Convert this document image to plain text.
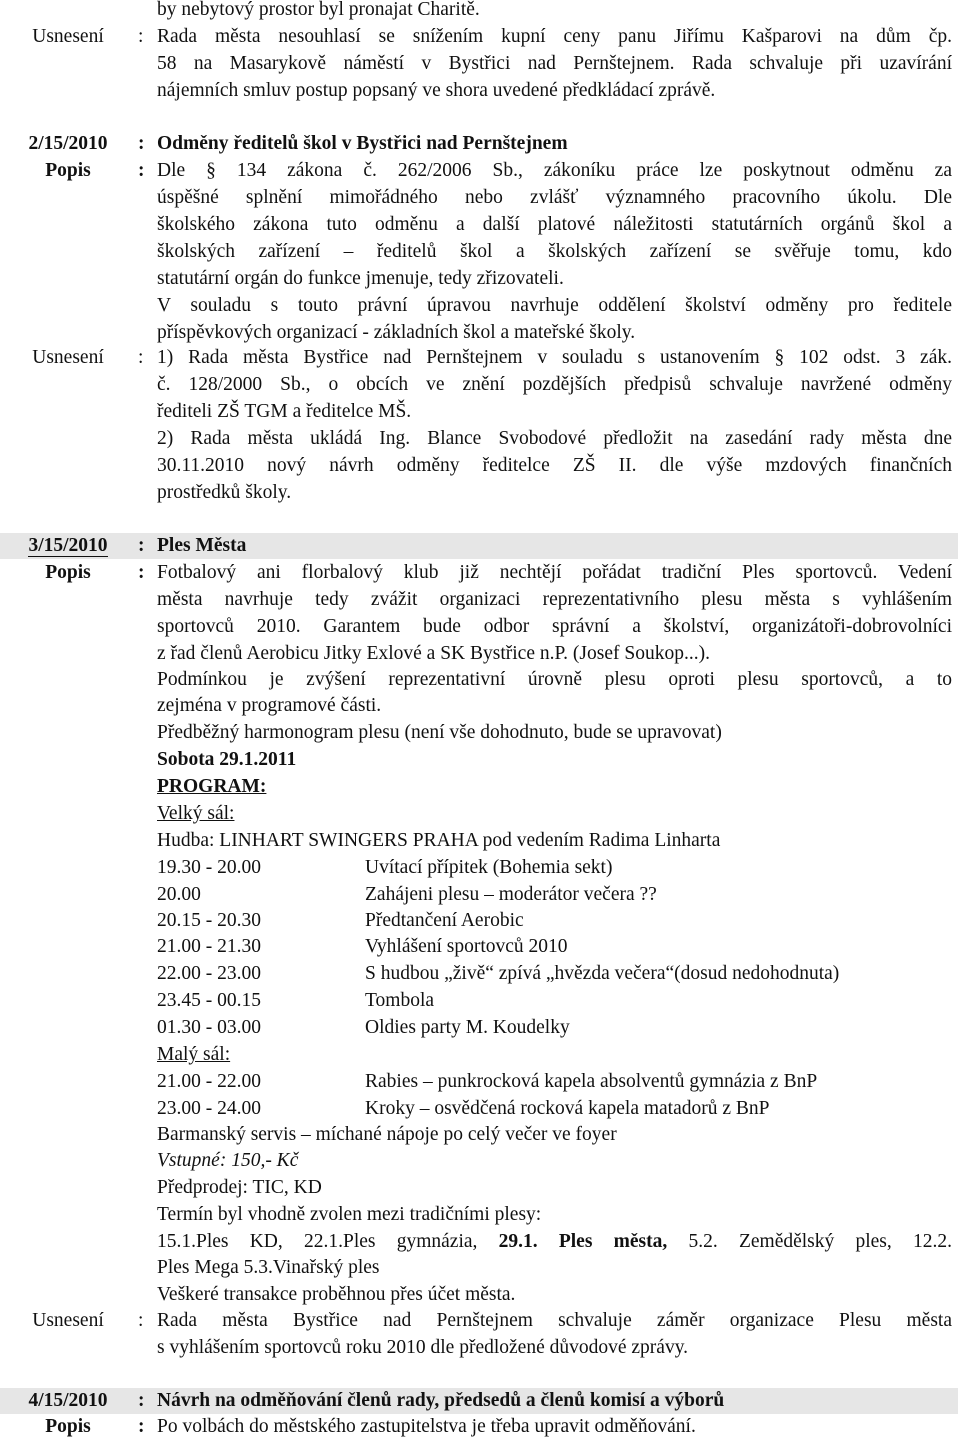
by nebytový prostor byl pronajat Charitě.
Usnesení	: Rada města nesouhlasí se snížením kupní ceny panu Jiřímu Kašparovi na dům čp.
58 na Masarykově náměstí v Bystřici nad Pernštejnem. Rada schvaluje při uzavírání
nájemních smluv postup popsaný ve shora uvedené předkládací zprávě.
2/15/2010	: Odměny ředitelů škol v Bystřici nad Pernštejnem
Popis	: Dle § 134 zákona č. 262/2006 Sb., zákoníku práce lze poskytnout odměnu za
úspěšné splnění mimořádného nebo zvlášť významného pracovního úkolu. Dle
školského zákona tuto odměnu a další platové náležitosti statutárních orgánů škol a
školských zařízení – ředitelů škol a školských zařízení se svěřuje tomu, kdo
statutární orgán do funkce jmenuje, tedy zřizovateli.
V souladu s touto právní úpravou navrhuje oddělení školství odměny pro ředitele
příspěvkových organizací - základních škol a mateřské školy.
Usnesení	: 1) Rada města Bystřice nad Pernštejnem v souladu s ustanovením § 102 odst. 3 zák.
č. 128/2000 Sb., o obcích ve znění pozdějších předpisů schvaluje navržené odměny
řediteli ZŠ TGM a ředitelce MŠ.
2) Rada města ukládá Ing. Blance Svobodové předložit na zasedání rady města dne
30.11.2010 nový návrh odměny ředitelce ZŠ II. dle výše mzdových finančních
prostředků školy.
3/15/2010	: Ples Města
Popis	: Fotbalový ani florbalový klub již nechtějí pořádat tradiční Ples sportovců. Vedení
města navrhuje tedy zvážit organizaci reprezentativního plesu města s vyhlášením
sportovců 2010. Garantem bude odbor správní a školství, organizátoři-dobrovolníci
z řad členů Aerobicu Jitky Exlové a SK Bystřice n.P. (Josef Soukop...).
Podmínkou je zvýšení reprezentativní úrovně plesu oproti plesu sportovců, a to
zejména v programové části.
Předběžný harmonogram plesu (není vše dohodnuto, bude se upravovat)
Sobota 29.1.2011
PROGRAM:
Velký sál:
Hudba: LINHART SWINGERS PRAHA pod vedením Radima Linharta
19.30 - 20.00	Uvítací přípitek (Bohemia sekt)
20.00	Zahájeni plesu – moderátor večera ??
20.15 - 20.30	Předtančení Aerobic
21.00 - 21.30	Vyhlášení sportovců 2010
22.00 - 23.00	S hudbou „živě“ zpívá „hvězda večera“(dosud nedohodnuta)
23.45 - 00.15	Tombola
01.30 - 03.00	Oldies party M. Koudelky
Malý sál:
21.00 - 22.00	Rabies – punkrocková kapela absolventů gymnázia z BnP
23.00 - 24.00	Kroky – osvědčená rocková kapela matadorů z BnP
Barmanský servis – míchané nápoje po celý večer ve foyer
Vstupné: 150,- Kč
Předprodej: TIC, KD
Termín byl vhodně zvolen mezi tradičními plesy:
15.1.Ples KD, 22.1.Ples gymnázia, 29.1. Ples města, 5.2. Zemědělský ples, 12.2.
Ples Mega 5.3.Vinařský ples
Veškeré transakce proběhnou přes účet města.
Usnesení	: Rada města Bystřice nad Pernštejnem schvaluje záměr organizace Plesu města
s vyhlášením sportovců roku 2010 dle předložené důvodové zprávy.
4/15/2010	: Návrh na odměňování členů rady, předsedů a členů komisí a výborů
Popis	: Po volbách do městského zastupitelstva je třeba upravit odměňování.
